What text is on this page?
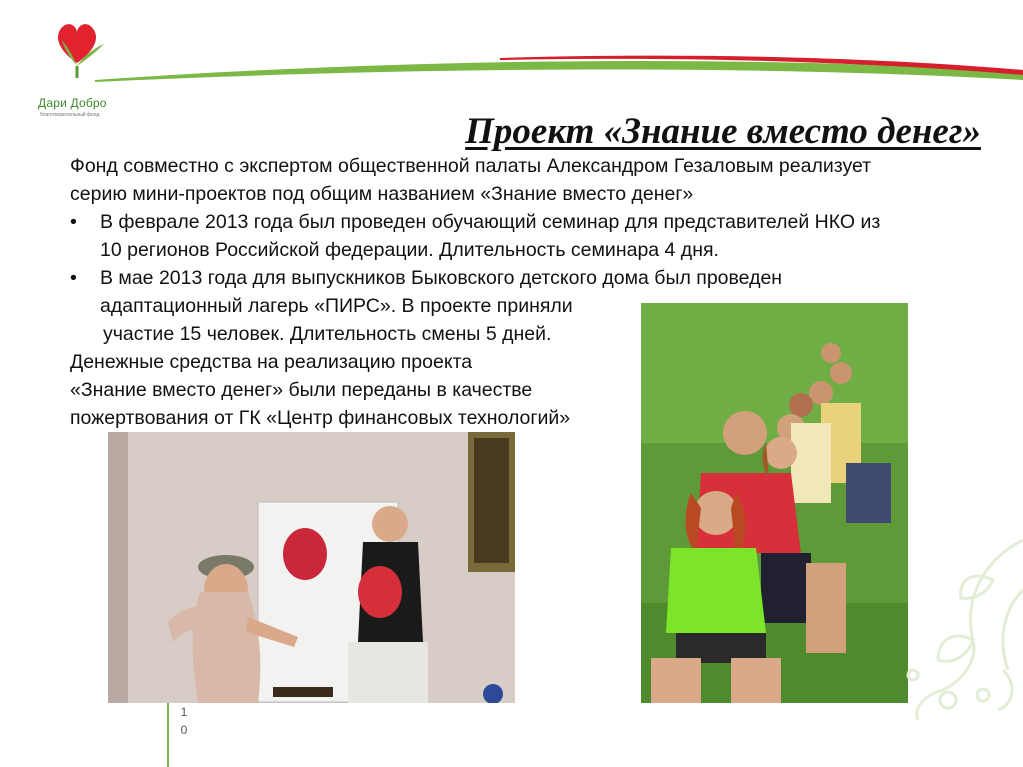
Дари Добро
благотворительный фонд	Проект «Знание вместо денег»

Фонд совместно с экспертом общественной палаты Александром Гезаловым реализует

серию мини-проектов под общим названием «Знание вместо денег»

• В феврале 2013 года был проведен обучающий семинар для представителей НКО из

10 регионов Российской федерации. Длительность семинара 4 дня.

• В мае 2013 года для выпускников Быковского детского дома был проведен

адаптационный лагерь «ПИРС». В проекте приняли

участие 15 человек. Длительность смены 5 дней.

Денежные средства на реализацию проекта

«Знание вместо денег» были переданы в качестве

пожертвования от ГК «Центр финансовых технологий»

1
0
